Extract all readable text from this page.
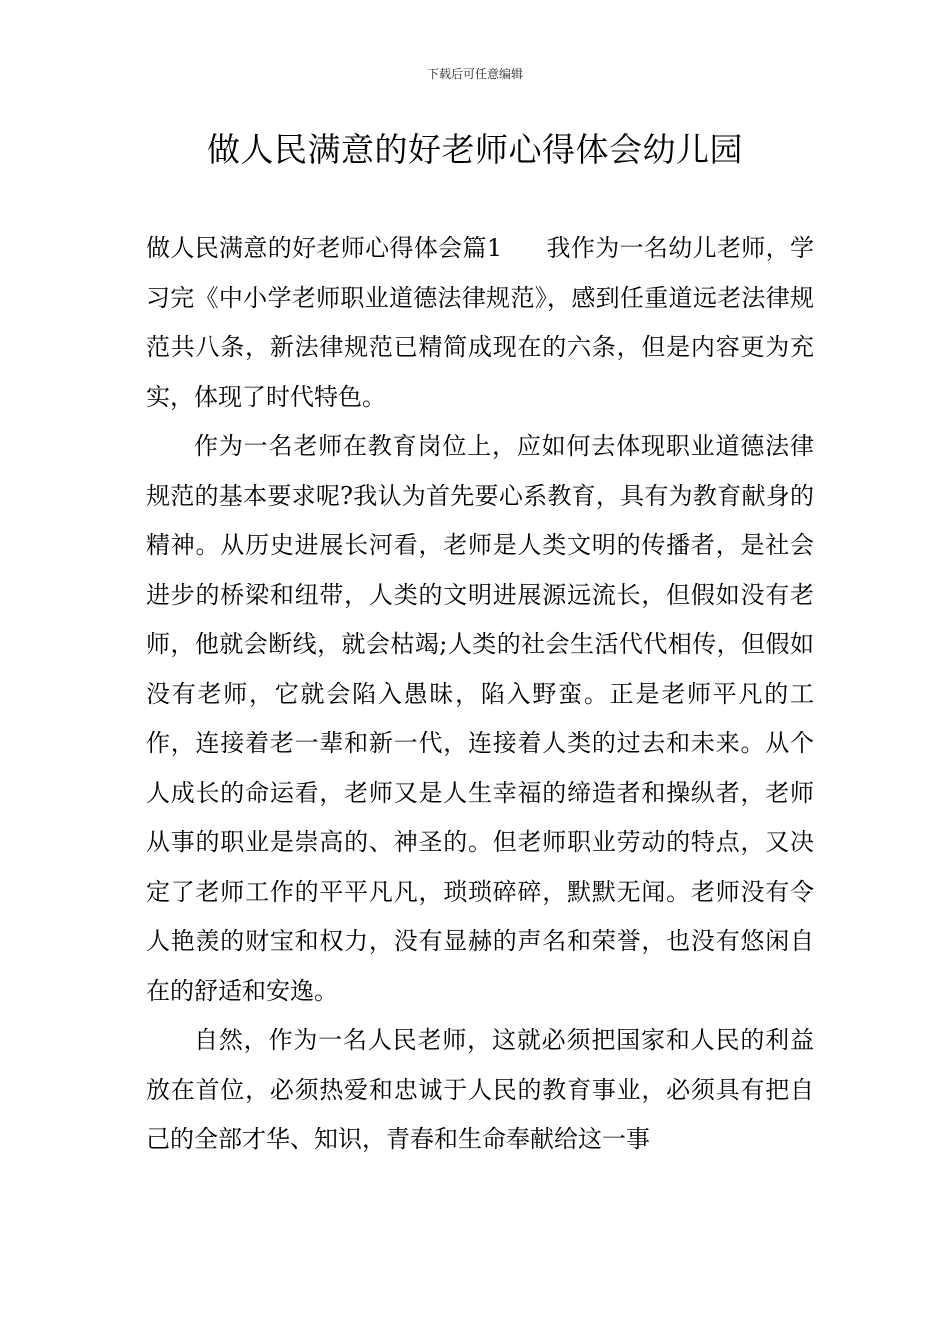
下载后可任意编辑
做人民满意的好老师心得体会幼儿园

做人民满意的好老师心得体会篇1 我作为一名幼儿老师，学习完《中小学老师职业道德法律规范》，感到任重道远老法律规范共八条，新法律规范已精简成现在的六条，但是内容更为充实，体现了时代特色。

作为一名老师在教育岗位上，应如何去体现职业道德法律规范的基本要求呢?我认为首先要心系教育，具有为教育献身的精神。从历史进展长河看，老师是人类文明的传播者，是社会进步的桥梁和纽带，人类的文明进展源远流长，但假如没有老师，他就会断线，就会枯竭;人类的社会生活代代相传，但假如没有老师，它就会陷入愚昧，陷入野蛮。正是老师平凡的工作，连接着老一辈和新一代，连接着人类的过去和未来。从个人成长的命运看，老师又是人生幸福的缔造者和操纵者，老师从事的职业是崇高的、神圣的。但老师职业劳动的特点，又决定了老师工作的平平凡凡，琐琐碎碎，默默无闻。老师没有令人艳羡的财宝和权力，没有显赫的声名和荣誉，也没有悠闲自在的舒适和安逸。

自然，作为一名人民老师，这就必须把国家和人民的利益放在首位，必须热爱和忠诚于人民的教育事业，必须具有把自己的全部才华、知识，青春和生命奉献给这一事
